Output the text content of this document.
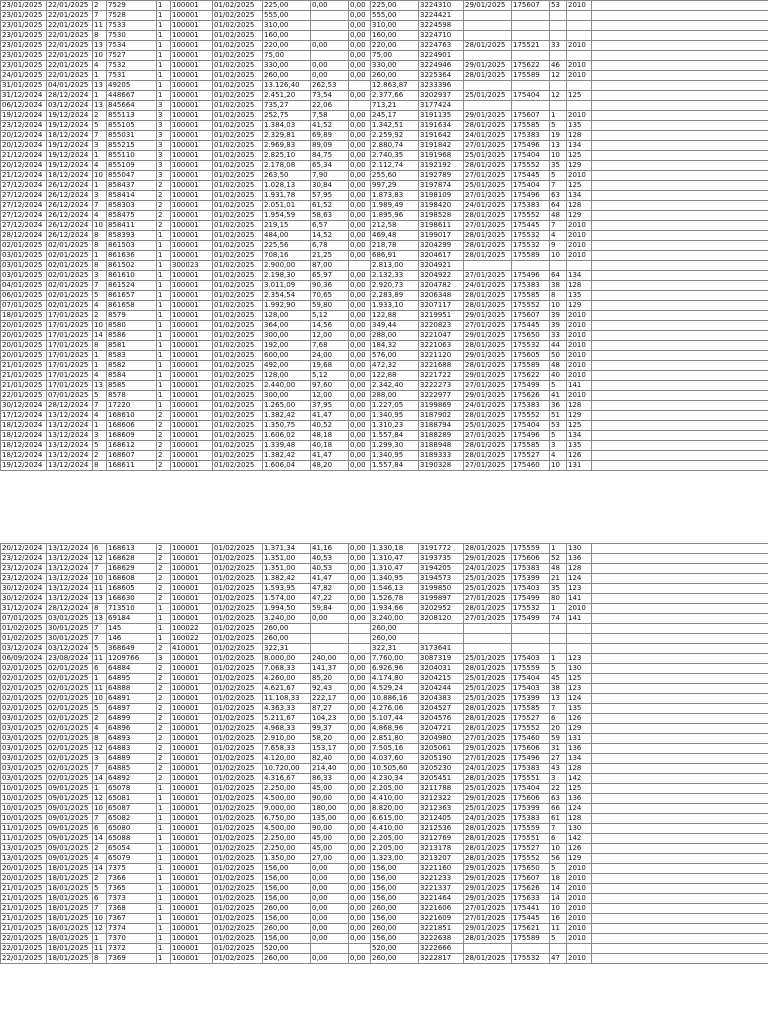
23/01/2025	22/01/2025	2	7529	1	100001	01/02/2025	225,00	0,00	0,00	225,00	3224310	29/01/2025	175607	53	2010	
23/01/2025	22/01/2025	7	7528	1	100001	01/02/2025	555,00		0,00	555,00	3224421					
23/01/2025	22/01/2025	11	7533	1	100001	01/02/2025	310,00		0,00	310,00	3224598					
23/01/2025	22/01/2025	8	7530	1	100001	01/02/2025	160,00		0,00	160,00	3224710					
23/01/2025	22/01/2025	13	7534	1	100001	01/02/2025	220,00	0,00	0,00	220,00	3224763	28/01/2025	175521	33	2010	
23/01/2025	22/01/2025	10	7527	1	100001	01/02/2025	75,00		0,00	75,00	3224901					
23/01/2025	22/01/2025	4	7532	1	100001	01/02/2025	330,00	0,00	0,00	330,00	3224946	29/01/2025	175622	46	2010	
24/01/2025	22/01/2025	1	7531	1	100001	01/02/2025	260,00	0,00	0,00	260,00	3225364	28/01/2025	175589	12	2010	
31/01/2025	04/01/2025	13	49205	1	100001	01/02/2025	13.126,40	262,53		12.863,87	3233396					
31/12/2024	28/12/2024	1	448667	1	100001	01/02/2025	2.451,20	73,54	0,00	2.377,66	3202937	25/01/2025	175404	12	125	
06/12/2024	03/12/2024	13	845664	3	100001	01/02/2025	735,27	22,06		713,21	3177424					
19/12/2024	19/12/2024	2	855113	3	100001	01/02/2025	252,75	7,58	0,00	245,17	3191135	29/01/2025	175607	1	2010	
23/12/2024	19/12/2024	5	855105	3	100001	01/02/2025	1.384,03	41,52	0,00	1.342,51	3191634	28/01/2025	175585	5	135	
20/12/2024	18/12/2024	7	855031	3	100001	01/02/2025	2.329,81	69,89	0,00	2.259,92	3191642	24/01/2025	175383	19	128	
20/12/2024	19/12/2024	3	855215	3	100001	01/02/2025	2.969,83	89,09	0,00	2.880,74	3191842	27/01/2025	175496	13	134	
21/12/2024	19/12/2024	1	855110	3	100001	01/02/2025	2.825,10	84,75	0,00	2.740,35	3191968	25/01/2025	175404	10	125	
20/12/2024	19/12/2024	4	855109	3	100001	01/02/2025	2.178,08	65,34	0,00	2.112,74	3192192	28/01/2025	175552	35	129	
21/12/2024	18/12/2024	10	855047	3	100001	01/02/2025	263,50	7,90	0,00	255,60	3192789	27/01/2025	175445	5	2010	
27/12/2024	26/12/2024	1	858437	2	100001	01/02/2025	1.028,13	30,84	0,00	997,29	3197874	25/01/2025	175404	7	125	
27/12/2024	26/12/2024	3	858414	2	100001	01/02/2025	1.931,78	57,95	0,00	1.873,83	3198109	27/01/2025	175496	63	134	
27/12/2024	26/12/2024	7	858303	2	100001	01/02/2025	2.051,01	61,52	0,00	1.989,49	3198420	24/01/2025	175383	64	128	
27/12/2024	26/12/2024	4	858475	2	100001	01/02/2025	1.954,59	58,63	0,00	1.895,96	3198528	28/01/2025	175552	48	129	
27/12/2024	26/12/2024	10	858411	2	100001	01/02/2025	219,15	6,57	0,00	212,58	3198611	27/01/2025	175445	7	2010	
28/12/2024	26/12/2024	8	858393	1	100001	01/02/2025	484,00	14,52	0,00	469,48	3199017	28/01/2025	175532	4	2010	
02/01/2025	02/01/2025	8	861503	1	100001	01/02/2025	225,56	6,78	0,00	218,78	3204299	28/01/2025	175532	9	2010	
03/01/2025	02/01/2025	1	861636	1	100001	01/02/2025	708,16	21,25	0,00	686,91	3204617	28/01/2025	175589	10	2010	
03/01/2025	02/01/2025	8	861502	1	300023	01/02/2025	2.900,00	87,00		2.813,00	3204921					
03/01/2025	02/01/2025	3	861610	1	100001	01/02/2025	2.198,30	65,97	0,00	2.132,33	3204922	27/01/2025	175496	64	134	
04/01/2025	02/01/2025	7	861524	1	100001	01/02/2025	3.011,09	90,36	0,00	2.920,73	3204782	24/01/2025	175383	38	128	
06/01/2025	02/01/2025	5	861657	1	100001	01/02/2025	2.354,54	70,65	0,00	2.283,89	3206348	28/01/2025	175585	8	135	
07/01/2025	02/01/2025	4	861658	1	100001	01/02/2025	1.992,90	59,80	0,00	1.933,10	3207117	28/01/2025	175552	10	129	
18/01/2025	17/01/2025	2	8579	1	100001	01/02/2025	128,00	5,12	0,00	122,88	3219951	29/01/2025	175607	39	2010	
20/01/2025	17/01/2025	10	8580	1	100001	01/02/2025	364,00	14,56	0,00	349,44	3220823	27/01/2025	175445	39	2010	
20/01/2025	17/01/2025	14	8586	1	100001	01/02/2025	300,00	12,00	0,00	288,00	3221047	29/01/2025	175650	33	2010	
20/01/2025	17/01/2025	8	8581	1	100001	01/02/2025	192,00	7,68	0,00	184,32	3221063	28/01/2025	175532	44	2010	
20/01/2025	17/01/2025	1	8583	1	100001	01/02/2025	600,00	24,00	0,00	576,00	3221120	29/01/2025	175605	50	2010	
21/01/2025	17/01/2025	1	8582	1	100001	01/02/2025	492,00	19,68	0,00	472,32	3221688	28/01/2025	175589	48	2010	
21/01/2025	17/01/2025	4	8584	1	100001	01/02/2025	128,00	5,12	0,00	122,88	3221722	29/01/2025	175622	40	2010	
21/01/2025	17/01/2025	13	8585	1	100001	01/02/2025	2.440,00	97,60	0,00	2.342,40	3222273	27/01/2025	175499	5	141	
22/01/2025	07/01/2025	5	8578	1	100001	01/02/2025	300,00	12,00	0,00	288,00	3222977	29/01/2025	175626	41	2010	
30/12/2024	28/12/2024	7	17220	1	100001	01/02/2025	1.265,00	37,95	0,00	1.227,05	3199869	24/01/2025	175383	36	128	
17/12/2024	13/12/2024	4	168610	2	100001	01/02/2025	1.382,42	41,47	0,00	1.340,95	3187902	28/01/2025	175552	51	129	
18/12/2024	13/12/2024	1	168606	2	100001	01/02/2025	1.350,75	40,52	0,00	1.310,23	3188794	25/01/2025	175404	53	125	
18/12/2024	13/12/2024	3	168609	2	100001	01/02/2025	1.606,02	48,18	0,00	1.557,84	3188289	27/01/2025	175496	5	134	
18/12/2024	13/12/2024	5	168612	2	100001	01/02/2025	1.339,48	40,18	0,00	1.299,30	3188948	28/01/2025	175585	3	135	
18/12/2024	13/12/2024	2	168607	2	100001	01/02/2025	1.382,42	41,47	0,00	1.340,95	3189333	28/01/2025	175527	4	126	
19/12/2024	13/12/2024	8	168611	2	100001	01/02/2025	1.606,04	48,20	0,00	1.557,84	3190328	27/01/2025	175460	10	131	
20/12/2024	13/12/2024	6	168613	2	100001	01/02/2025	1.371,34	41,16	0,00	1.330,18	3191772	28/01/2025	175559	1	130	
23/12/2024	13/12/2024	12	168628	2	100001	01/02/2025	1.351,00	40,53	0,00	1.310,47	3193735	29/01/2025	175606	52	136	
23/12/2024	13/12/2024	7	168629	2	100001	01/02/2025	1.351,00	40,53	0,00	1.310,47	3194205	24/01/2025	175383	48	128	
23/12/2024	13/12/2024	10	168608	2	100001	01/02/2025	1.382,42	41,47	0,00	1.340,95	3194573	25/01/2025	175399	21	124	
30/12/2024	13/12/2024	11	168605	2	100001	01/02/2025	1.593,95	47,82	0,00	1.546,13	3199850	25/01/2025	175403	35	123	
30/12/2024	13/12/2024	13	168630	2	100001	01/02/2025	1.574,00	47,22	0,00	1.526,78	3199897	27/01/2025	175499	80	141	
31/12/2024	28/12/2024	8	713510	1	100001	01/02/2025	1.994,50	59,84	0,00	1.934,66	3202952	28/01/2025	175532	1	2010	
07/01/2025	03/01/2025	13	69184	1	100001	01/02/2025	3.240,00	0,00	0,00	3.240,00	3208120	27/01/2025	175499	74	141	
01/02/2025	30/01/2025	7	145	1	100022	01/02/2025	260,00			260,00						
01/02/2025	30/01/2025	7	146	1	100022	01/02/2025	260,00			260,00						
03/12/2024	03/12/2024	5	368649	2	410001	01/02/2025	322,31			322,31	3173641					
06/09/2024	23/08/2024	11	1209766	3	100001	01/02/2025	8.000,00	240,00	0,00	7.760,00	3087319	25/01/2025	175403	1	123	
02/01/2025	02/01/2025	6	64884	2	100001	01/02/2025	7.068,33	141,37	0,00	6.926,96	3204031	28/01/2025	175559	5	130	
02/01/2025	02/01/2025	1	64895	2	100001	01/02/2025	4.260,00	85,20	0,00	4.174,80	3204215	25/01/2025	175404	45	125	
02/01/2025	02/01/2025	11	64888	2	100001	01/02/2025	4.621,67	92,43	0,00	4.529,24	3204244	25/01/2025	175403	38	123	
02/01/2025	02/01/2025	10	64891	2	100001	01/02/2025	11.108,33	222,17	0,00	10.886,16	3204383	25/01/2025	175399	13	124	
02/01/2025	02/01/2025	5	64897	2	100001	01/02/2025	4.363,33	87,27	0,00	4.276,06	3204527	28/01/2025	175585	7	135	
03/01/2025	02/01/2025	2	64899	2	100001	01/02/2025	5.211,67	104,23	0,00	5.107,44	3204576	28/01/2025	175527	6	126	
03/01/2025	02/01/2025	4	64896	2	100001	01/02/2025	4.968,33	99,37	0,00	4.868,96	3204721	28/01/2025	175552	20	129	
03/01/2025	02/01/2025	8	64893	2	100001	01/02/2025	2.910,00	58,20	0,00	2.851,80	3204980	27/01/2025	175460	59	131	
03/01/2025	02/01/2025	12	64883	2	100001	01/02/2025	7.658,33	153,17	0,00	7.505,16	3205061	29/01/2025	175606	31	136	
03/01/2025	02/01/2025	3	64889	2	100001	01/02/2025	4.120,00	82,40	0,00	4.037,60	3205190	27/01/2025	175496	27	134	
03/01/2025	02/01/2025	7	64885	2	100001	01/02/2025	10.720,00	214,40	0,00	10.505,60	3205230	24/01/2025	175383	43	128	
03/01/2025	02/01/2025	14	64892	2	100001	01/02/2025	4.316,67	86,33	0,00	4.230,34	3205451	28/01/2025	175551	3	142	
10/01/2025	09/01/2025	1	65078	1	100001	01/02/2025	2.250,00	45,00	0,00	2.205,00	3211788	25/01/2025	175404	22	125	
10/01/2025	09/01/2025	12	65081	1	100001	01/02/2025	4.500,00	90,00	0,00	4.410,00	3212322	29/01/2025	175606	63	136	
10/01/2025	09/01/2025	10	65087	1	100001	01/02/2025	9.000,00	180,00	0,00	8.820,00	3212363	25/01/2025	175399	66	124	
10/01/2025	09/01/2025	7	65082	1	100001	01/02/2025	6.750,00	135,00	0,00	6.615,00	3212405	24/01/2025	175383	61	128	
11/01/2025	09/01/2025	6	65080	1	100001	01/02/2025	4.500,00	90,00	0,00	4.410,00	3212536	28/01/2025	175559	7	130	
11/01/2025	09/01/2025	14	65088	1	100001	01/02/2025	2.250,00	45,00	0,00	2.205,00	3212769	28/01/2025	175551	6	142	
13/01/2025	09/01/2025	2	65054	1	100001	01/02/2025	2.250,00	45,00	0,00	2.205,00	3213178	28/01/2025	175527	10	126	
13/01/2025	09/01/2025	4	65079	1	100001	01/02/2025	1.350,00	27,00	0,00	1.323,00	3213207	28/01/2025	175552	56	129	
20/01/2025	18/01/2025	14	7375	1	100001	01/02/2025	156,00	0,00	0,00	156,00	3221160	29/01/2025	175650	5	2010	
20/01/2025	18/01/2025	2	7366	1	100001	01/02/2025	156,00	0,00	0,00	156,00	3221233	29/01/2025	175607	18	2010	
21/01/2025	18/01/2025	5	7365	1	100001	01/02/2025	156,00	0,00	0,00	156,00	3221337	29/01/2025	175626	14	2010	
21/01/2025	18/01/2025	6	7373	1	100001	01/02/2025	156,00	0,00	0,00	156,00	3221464	29/01/2025	175633	14	2010	
21/01/2025	18/01/2025	7	7368	1	100001	01/02/2025	260,00	0,00	0,00	260,00	3221606	27/01/2025	175441	10	2010	
21/01/2025	18/01/2025	10	7367	1	100001	01/02/2025	156,00	0,00	0,00	156,00	3221609	27/01/2025	175445	16	2010	
21/01/2025	18/01/2025	12	7374	1	100001	01/02/2025	260,00	0,00	0,00	260,00	3221851	29/01/2025	175621	11	2010	
22/01/2025	18/01/2025	1	7370	1	100001	01/02/2025	156,00	0,00	0,00	156,00	3222638	28/01/2025	175589	5	2010	
22/01/2025	18/01/2025	11	7372	1	100001	01/02/2025	520,00			520,00	3222666					
22/01/2025	18/01/2025	8	7369	1	100001	01/02/2025	260,00	0,00	0,00	260,00	3222817	28/01/2025	175532	47	2010	
